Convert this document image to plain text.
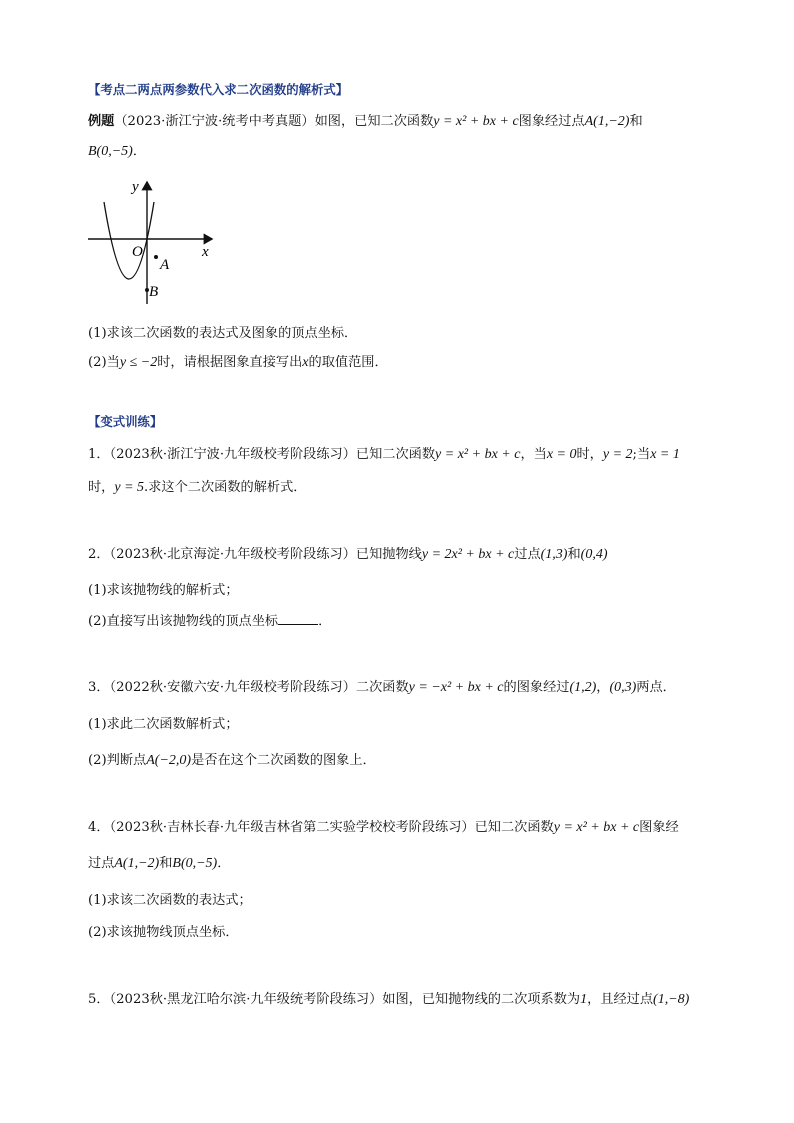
【考点二两点两参数代入求二次函数的解析式】
例题（2023·浙江宁波·统考中考真题）如图，已知二次函数y = x² + bx + c图象经过点A(1,−2)和
B(0,−5)．
y
x
O
A
B
(1)求该二次函数的表达式及图象的顶点坐标．
(2)当y ≤ −2时，请根据图象直接写出x的取值范围．
【变式训练】
1．（2023秋·浙江宁波·九年级校考阶段练习）已知二次函数y = x² + bx + c，当x = 0时，y = 2;当x = 1
时，y = 5.求这个二次函数的解析式．
2．（2023秋·北京海淀·九年级校考阶段练习）已知抛物线y = 2x² + bx + c过点(1,3)和(0,4)
(1)求该抛物线的解析式；
(2)直接写出该抛物线的顶点坐标	．
3．（2022秋·安徽六安·九年级校考阶段练习）二次函数y = −x² + bx + c的图象经过(1,2)，(0,3)两点．
(1)求此二次函数解析式；
(2)判断点A(−2,0)是否在这个二次函数的图象上．
4．（2023秋·吉林长春·九年级吉林省第二实验学校校考阶段练习）已知二次函数y = x² + bx + c图象经
过点A(1,−2)和B(0,−5)．
(1)求该二次函数的表达式；
(2)求该抛物线顶点坐标．
5．（2023秋·黑龙江哈尔滨·九年级统考阶段练习）如图，已知抛物线的二次项系数为1，且经过点(1,−8)
